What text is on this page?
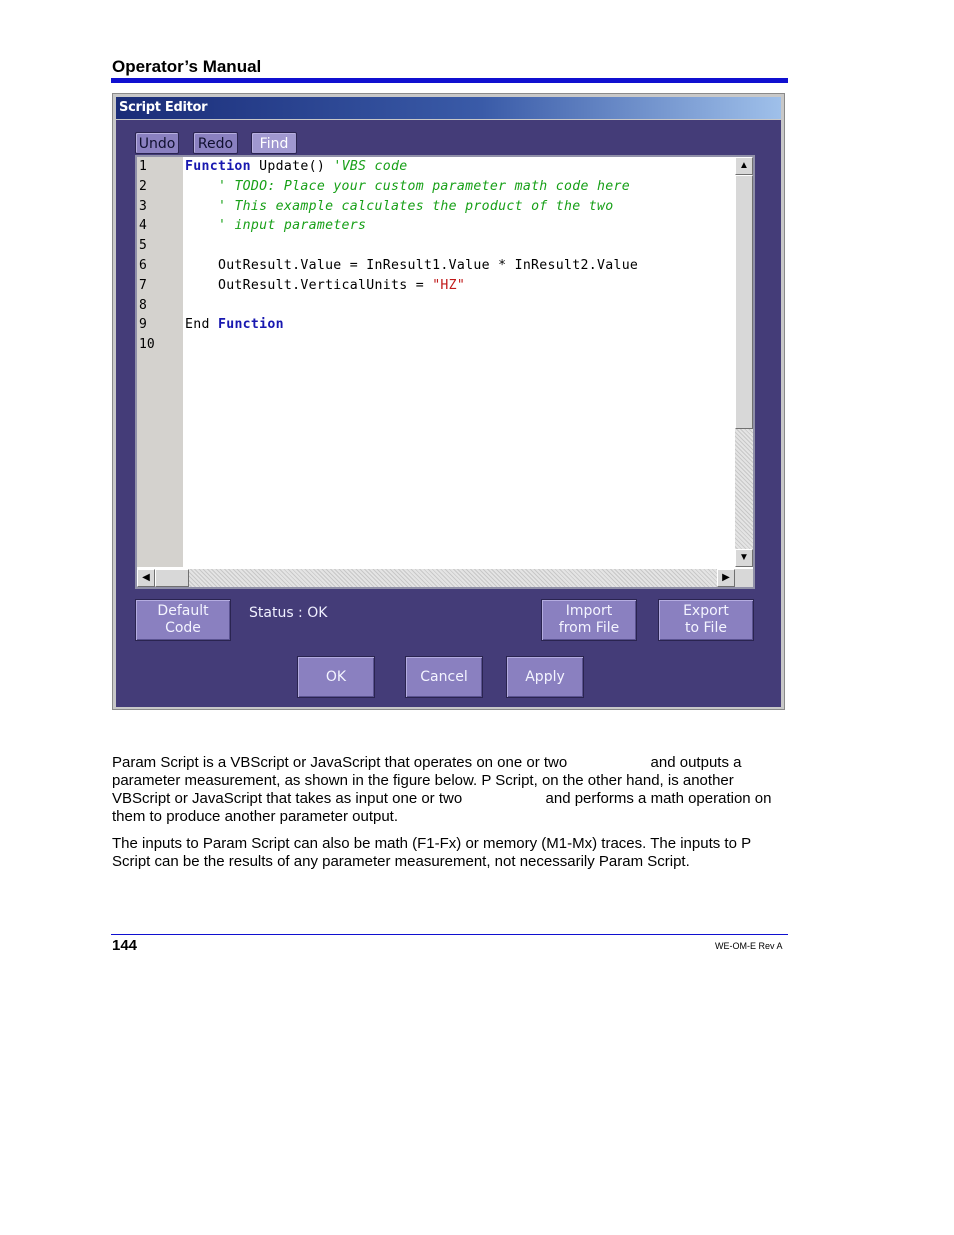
Operator’s Manual
Script Editor
Undo	Redo	Find
1
2
3
4
5
6
7
8
9
10
Function Update() 'VBS code
' TODO: Place your custom parameter math code here
' This example calculates the product of the two
' input parameters
OutResult.Value = InResult1.Value * InResult2.Value
OutResult.VerticalUnits = "HZ"
End Function
▲
▼
◀	▶
Default
Code
Status : OK	Import
from File
Export
to File
OK	Cancel	Apply
Param Script is a VBScript or JavaScript that operates on one or two                    and outputs a
parameter measurement, as shown in the figure below. P Script, on the other hand, is another
VBScript or JavaScript that takes as input one or two                    and performs a math operation on
them to produce another parameter output.
The inputs to Param Script can also be math (F1-Fx) or memory (M1-Mx) traces. The inputs to P
Script can be the results of any parameter measurement, not necessarily Param Script.
144	WE-OM-E Rev A
